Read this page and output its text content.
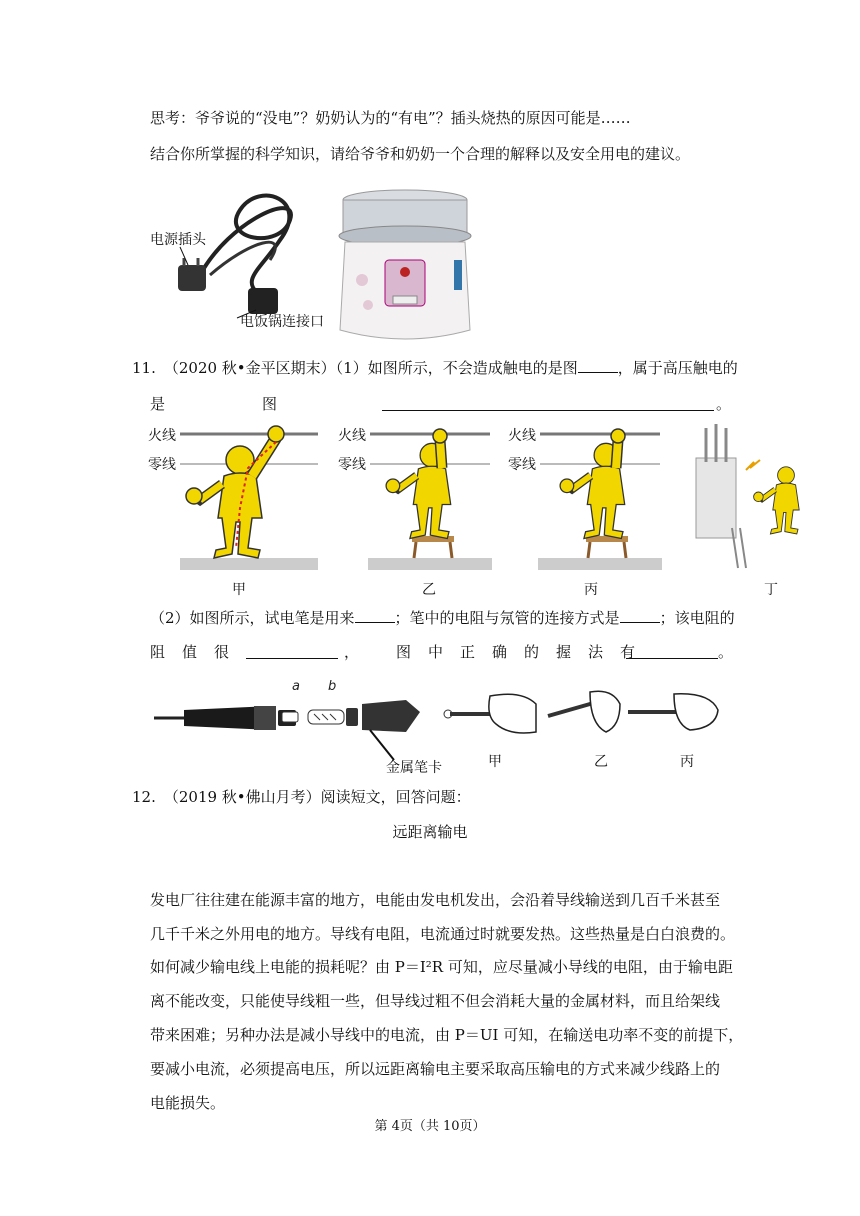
思考：爷爷说的“没电”？奶奶认为的“有电”？插头烧热的原因可能是……
结合你所掌握的科学知识，请给爷爷和奶奶一个合理的解释以及安全用电的建议。
电源插头
电饭锅连接口
11. （2020 秋•金平区期末）（1）如图所示，不会造成触电的是图	，属于高压触电的
是	图	。
火线
零线
甲
火线
零线
乙
火线
零线
丙	丁
（2）如图所示，试电笔是用来	；笔中的电阻与氖管的连接方式是	；该电阻的
阻 值 很	， 图 中 正 确 的 握 法 有	。
a b
金属笔卡	甲	乙	丙
12. （2019 秋•佛山月考）阅读短文，回答问题：
远距离输电
发电厂往往建在能源丰富的地方，电能由发电机发出，会沿着导线输送到几百千米甚至
几千千米之外用电的地方。导线有电阻，电流通过时就要发热。这些热量是白白浪费的。
如何减少输电线上电能的损耗呢？由 P＝I²R 可知，应尽量减小导线的电阻，由于输电距
离不能改变，只能使导线粗一些，但导线过粗不但会消耗大量的金属材料，而且给架线
带来困难；另种办法是减小导线中的电流，由 P＝UI 可知，在输送电功率不变的前提下，
要减小电流，必须提高电压，所以远距离输电主要采取高压输电的方式来减少线路上的
电能损失。
第 4页（共 10页）
